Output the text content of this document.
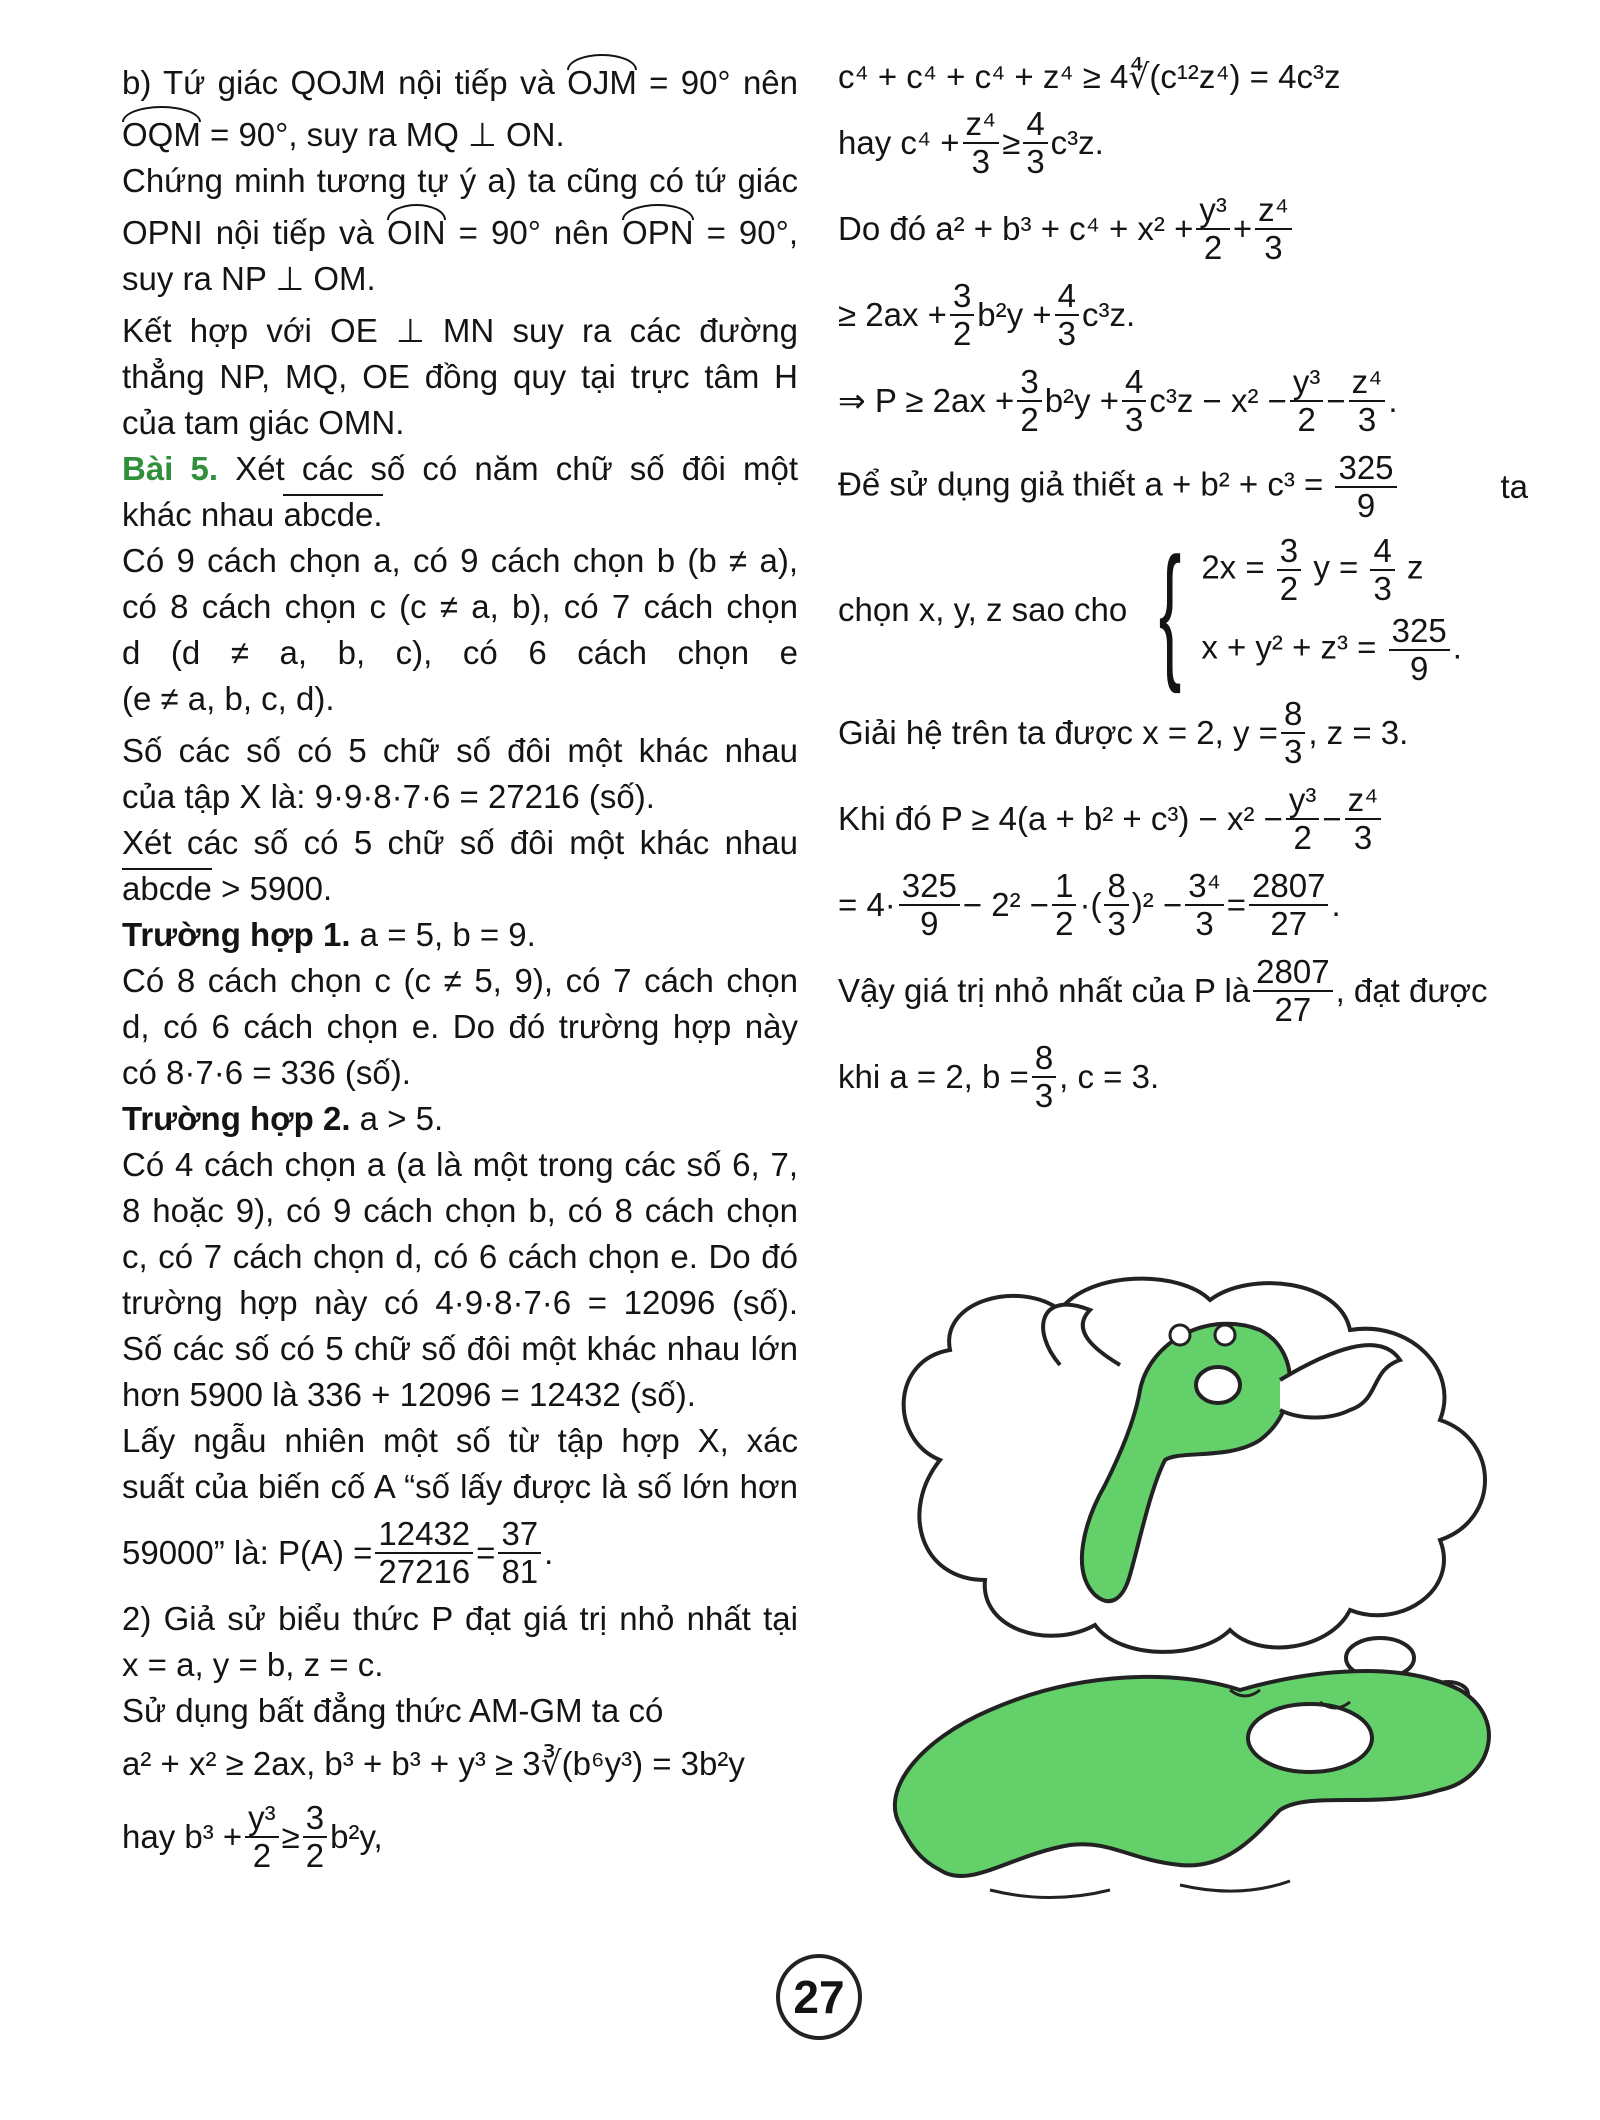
b) Tứ giác QOJM nội tiếp và OJM = 90° nên
OQM = 90°, suy ra MQ ⊥ ON.
Chứng minh tương tự ý a) ta cũng có tứ giác
OPNI nội tiếp và OIN = 90° nên OPN = 90°,
suy ra NP ⊥ OM.
Kết hợp với OE ⊥ MN suy ra các đường
thẳng NP, MQ, OE đồng quy tại trực tâm H
của tam giác OMN.
Bài 5. Xét các số có năm chữ số đôi một
khác nhau abcde.
Có 9 cách chọn a, có 9 cách chọn b (b ≠ a),
có 8 cách chọn c (c ≠ a, b), có 7 cách chọn
d (d ≠ a, b, c), có 6 cách chọn e
(e ≠ a, b, c, d).
Số các số có 5 chữ số đôi một khác nhau
của tập X là: 9·9·8·7·6 = 27216 (số).
Xét các số có 5 chữ số đôi một khác nhau
abcde > 5900.
Trường hợp 1. a = 5, b = 9.
Có 8 cách chọn c (c ≠ 5, 9), có 7 cách chọn
d, có 6 cách chọn e. Do đó trường hợp này
có 8·7·6 = 336 (số).
Trường hợp 2. a > 5.
Có 4 cách chọn a (a là một trong các số 6, 7,
8 hoặc 9), có 9 cách chọn b, có 8 cách chọn
c, có 7 cách chọn d, có 6 cách chọn e. Do đó
trường hợp này có 4·9·8·7·6 = 12096 (số).
Số các số có 5 chữ số đôi một khác nhau lớn
hơn 5900 là 336 + 12096 = 12432 (số).
Lấy ngẫu nhiên một số từ tập hợp X, xác
suất của biến cố A “số lấy được là số lớn hơn
59000” là: $P(A) = \frac{12432}{27216} = \frac{37}{81}$ .
2) Giả sử biểu thức P đạt giá trị nhỏ nhất tại
x = a, y = b, z = c.
Sử dụng bất đẳng thức AM-GM ta có
a² + x² ≥ 2ax, b³ + b³ + y³ ≥ 3∛(b⁶y³) = 3b²y
hay $b^3 + \frac{\text{y³}}{2} \ge \frac{3}{2} b^2y$,
c⁴ + c⁴ + c⁴ + z⁴ ≥ 4∜(c¹²z⁴) = 4c³z
hay $c^4 + \frac{\text{z⁴}}{3} \ge \frac{4}{3} c^3z$.
Do đó $a^2 + b^3 + c^4 + x^2 + \frac{\text{y³}}{2} + \frac{\text{z⁴}}{3}$
≥ $2ax + \frac{3}{2} b^2y + \frac{4}{3} c^3z$.
⇒ $P \ge 2ax + \frac{3}{2} b^2y + \frac{4}{3} c^3z - x^2 - \frac{\text{y³}}{2} - \frac{\text{z⁴}}{3}$ .
Để sử dụng giả thiết $a + b^2 + c^3 = \frac{325}{9}$	ta
chọn x, y, z sao cho { $2x = \frac{3}{2}$ $y = \frac{4}{3}$ z
$x + y^2 + z^3 = \frac{325}{9}$ .
Giải hệ trên ta được x = 2, $y = \frac{8}{3}$ , z = 3.
Khi đó $P \ge 4(a + b^2 + c^3) - x^2 - \frac{\text{y³}}{2} - \frac{\text{z⁴}}{3}$
= $4\cdot \frac{325}{9} - 2^2 - \frac{1}{2}$ ·( $\frac{8}{3} )^2 - \frac{\text{3⁴}}{3} = \frac{2807}{27}$ .
Vậy giá trị nhỏ nhất của P là $\frac{2807}{27}$ , đạt được
khi a = 2, $b = \frac{8}{3}$ , c = 3.
27
